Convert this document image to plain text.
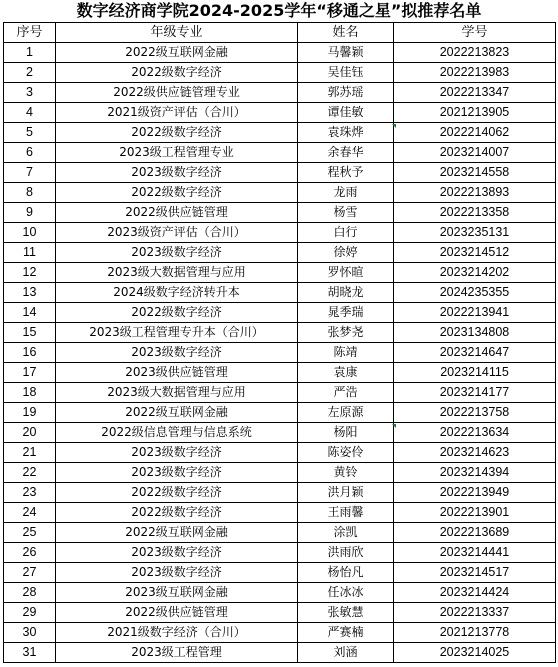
数字经济商学院2024-2025学年“移通之星”拟推荐名单
序号	年级专业	姓名	学号
1	2022级互联网金融	马馨颖	2022213823
2	2022级数字经济	吴佳钰	2022213983
3	2022级供应链管理专业	郭苏瑶	2022213347
4	2021级资产评估（合川）	谭佳敏	2021213905
5	2022级数字经济	袁珠烨	2022214062
6	2023级工程管理专业	余春华	2023214007
7	2023级数字经济	程秋予	2023214558
8	2022级数字经济	龙雨	2022213893
9	2022级供应链管理	杨雪	2022213358
10	2023级资产评估（合川）	白行	2023235131
11	2023级数字经济	徐婷	2023214512
12	2023级大数据管理与应用	罗怀暄	2023214202
13	2024级数字经济转升本	胡晓龙	2024235355
14	2022级数字经济	晁季瑞	2022213941
15	2023级工程管理专升本（合川）	张梦尧	2023134808
16	2023级数字经济	陈靖	2023214647
17	2023级供应链管理	袁康	2023214115
18	2023级大数据管理与应用	严浩	2023214177
19	2022级互联网金融	左原源	2022213758
20	2022级信息管理与信息系统	杨阳	2022213634
21	2023级数字经济	陈姿伶	2023214623
22	2023级数字经济	黄铃	2023214394
23	2022级数字经济	洪月颖	2022213949
24	2022级数字经济	王雨馨	2022213901
25	2022级互联网金融	涂凯	2022213689
26	2023级数字经济	洪雨欣	2023214441
27	2023级数字经济	杨怡凡	2023214517
28	2023级互联网金融	任冰冰	2023214424
29	2022级供应链管理	张敏慧	2022213337
30	2021级数字经济（合川）	严赛楠	2021213778
31	2023级工程管理	刘涵	2023214025
